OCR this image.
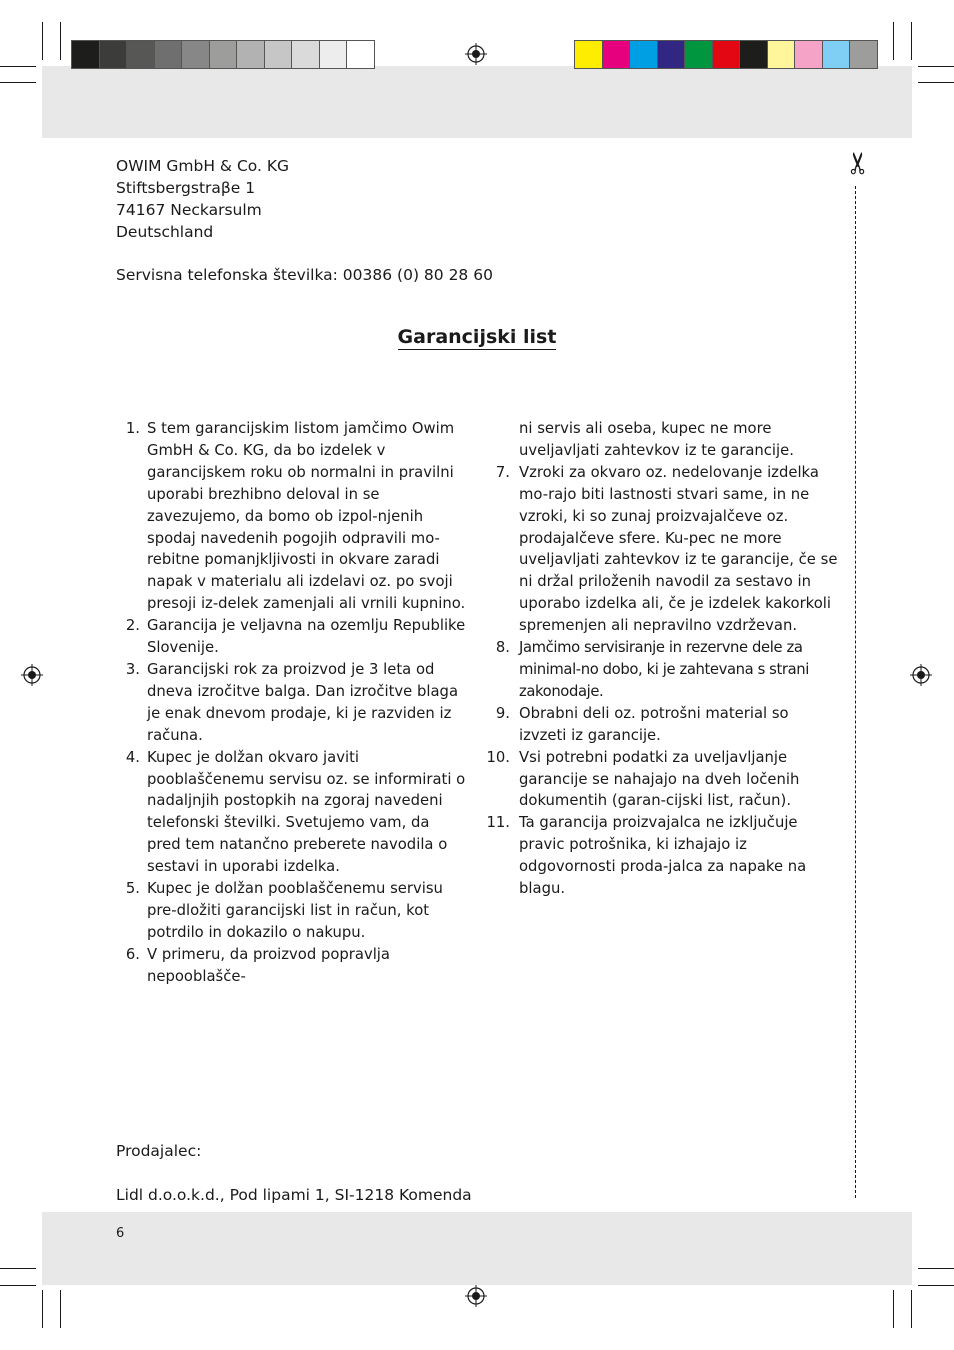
✂
OWIM GmbH & Co. KG
Stiftsbergstraβe 1
74167 Neckarsulm
Deutschland
Servisna telefonska številka: 00386 (0) 80 28 60
Garancijski list
1. S tem garancijskim listom jamčimo Owim GmbH & Co. KG, da bo izdelek v garancijskem roku ob normalni in pravilni uporabi brezhibno deloval in se zavezujemo, da bomo ob izpol-njenih spodaj navedenih pogojih odpravili mo-rebitne pomanjkljivosti in okvare zaradi napak v materialu ali izdelavi oz. po svoji presoji iz-delek zamenjali ali vrnili kupnino.
2. Garancija je veljavna na ozemlju Republike Slovenije.
3. Garancijski rok za proizvod je 3 leta od dneva izročitve balga. Dan izročitve blaga je enak dnevom prodaje, ki je razviden iz računa.
4. Kupec je dolžan okvaro javiti pooblaščenemu servisu oz. se informirati o nadaljnjih postopkih na zgoraj navedeni telefonski številki. Svetujemo vam, da pred tem natančno preberete navodila o sestavi in uporabi izdelka.
5. Kupec je dolžan pooblaščenemu servisu pre-dložiti garancijski list in račun, kot potrdilo in dokazilo o nakupu.
6. V primeru, da proizvod popravlja nepooblašče-
ni servis ali oseba, kupec ne more uveljavljati zahtevkov iz te garancije.
7. Vzroki za okvaro oz. nedelovanje izdelka mo-rajo biti lastnosti stvari same, in ne vzroki, ki so zunaj proizvajalčeve oz. prodajalčeve sfere. Ku-pec ne more uveljavljati zahtevkov iz te garancije, če se ni držal priloženih navodil za sestavo in uporabo izdelka ali, če je izdelek kakorkoli spremenjen ali nepravilno vzdrževan.
8. Jamčimo servisiranje in rezervne dele za minimal-no dobo, ki je zahtevana s strani zakonodaje.
9. Obrabni deli oz. potrošni material so izvzeti iz garancije.
10. Vsi potrebni podatki za uveljavljanje garancije se nahajajo na dveh ločenih dokumentih (garan-cijski list, račun).
11. Ta garancija proizvajalca ne izključuje pravic potrošnika, ki izhajajo iz odgovornosti proda-jalca za napake na blagu.
Prodajalec:
Lidl d.o.o.k.d., Pod lipami 1, SI-1218 Komenda
6
